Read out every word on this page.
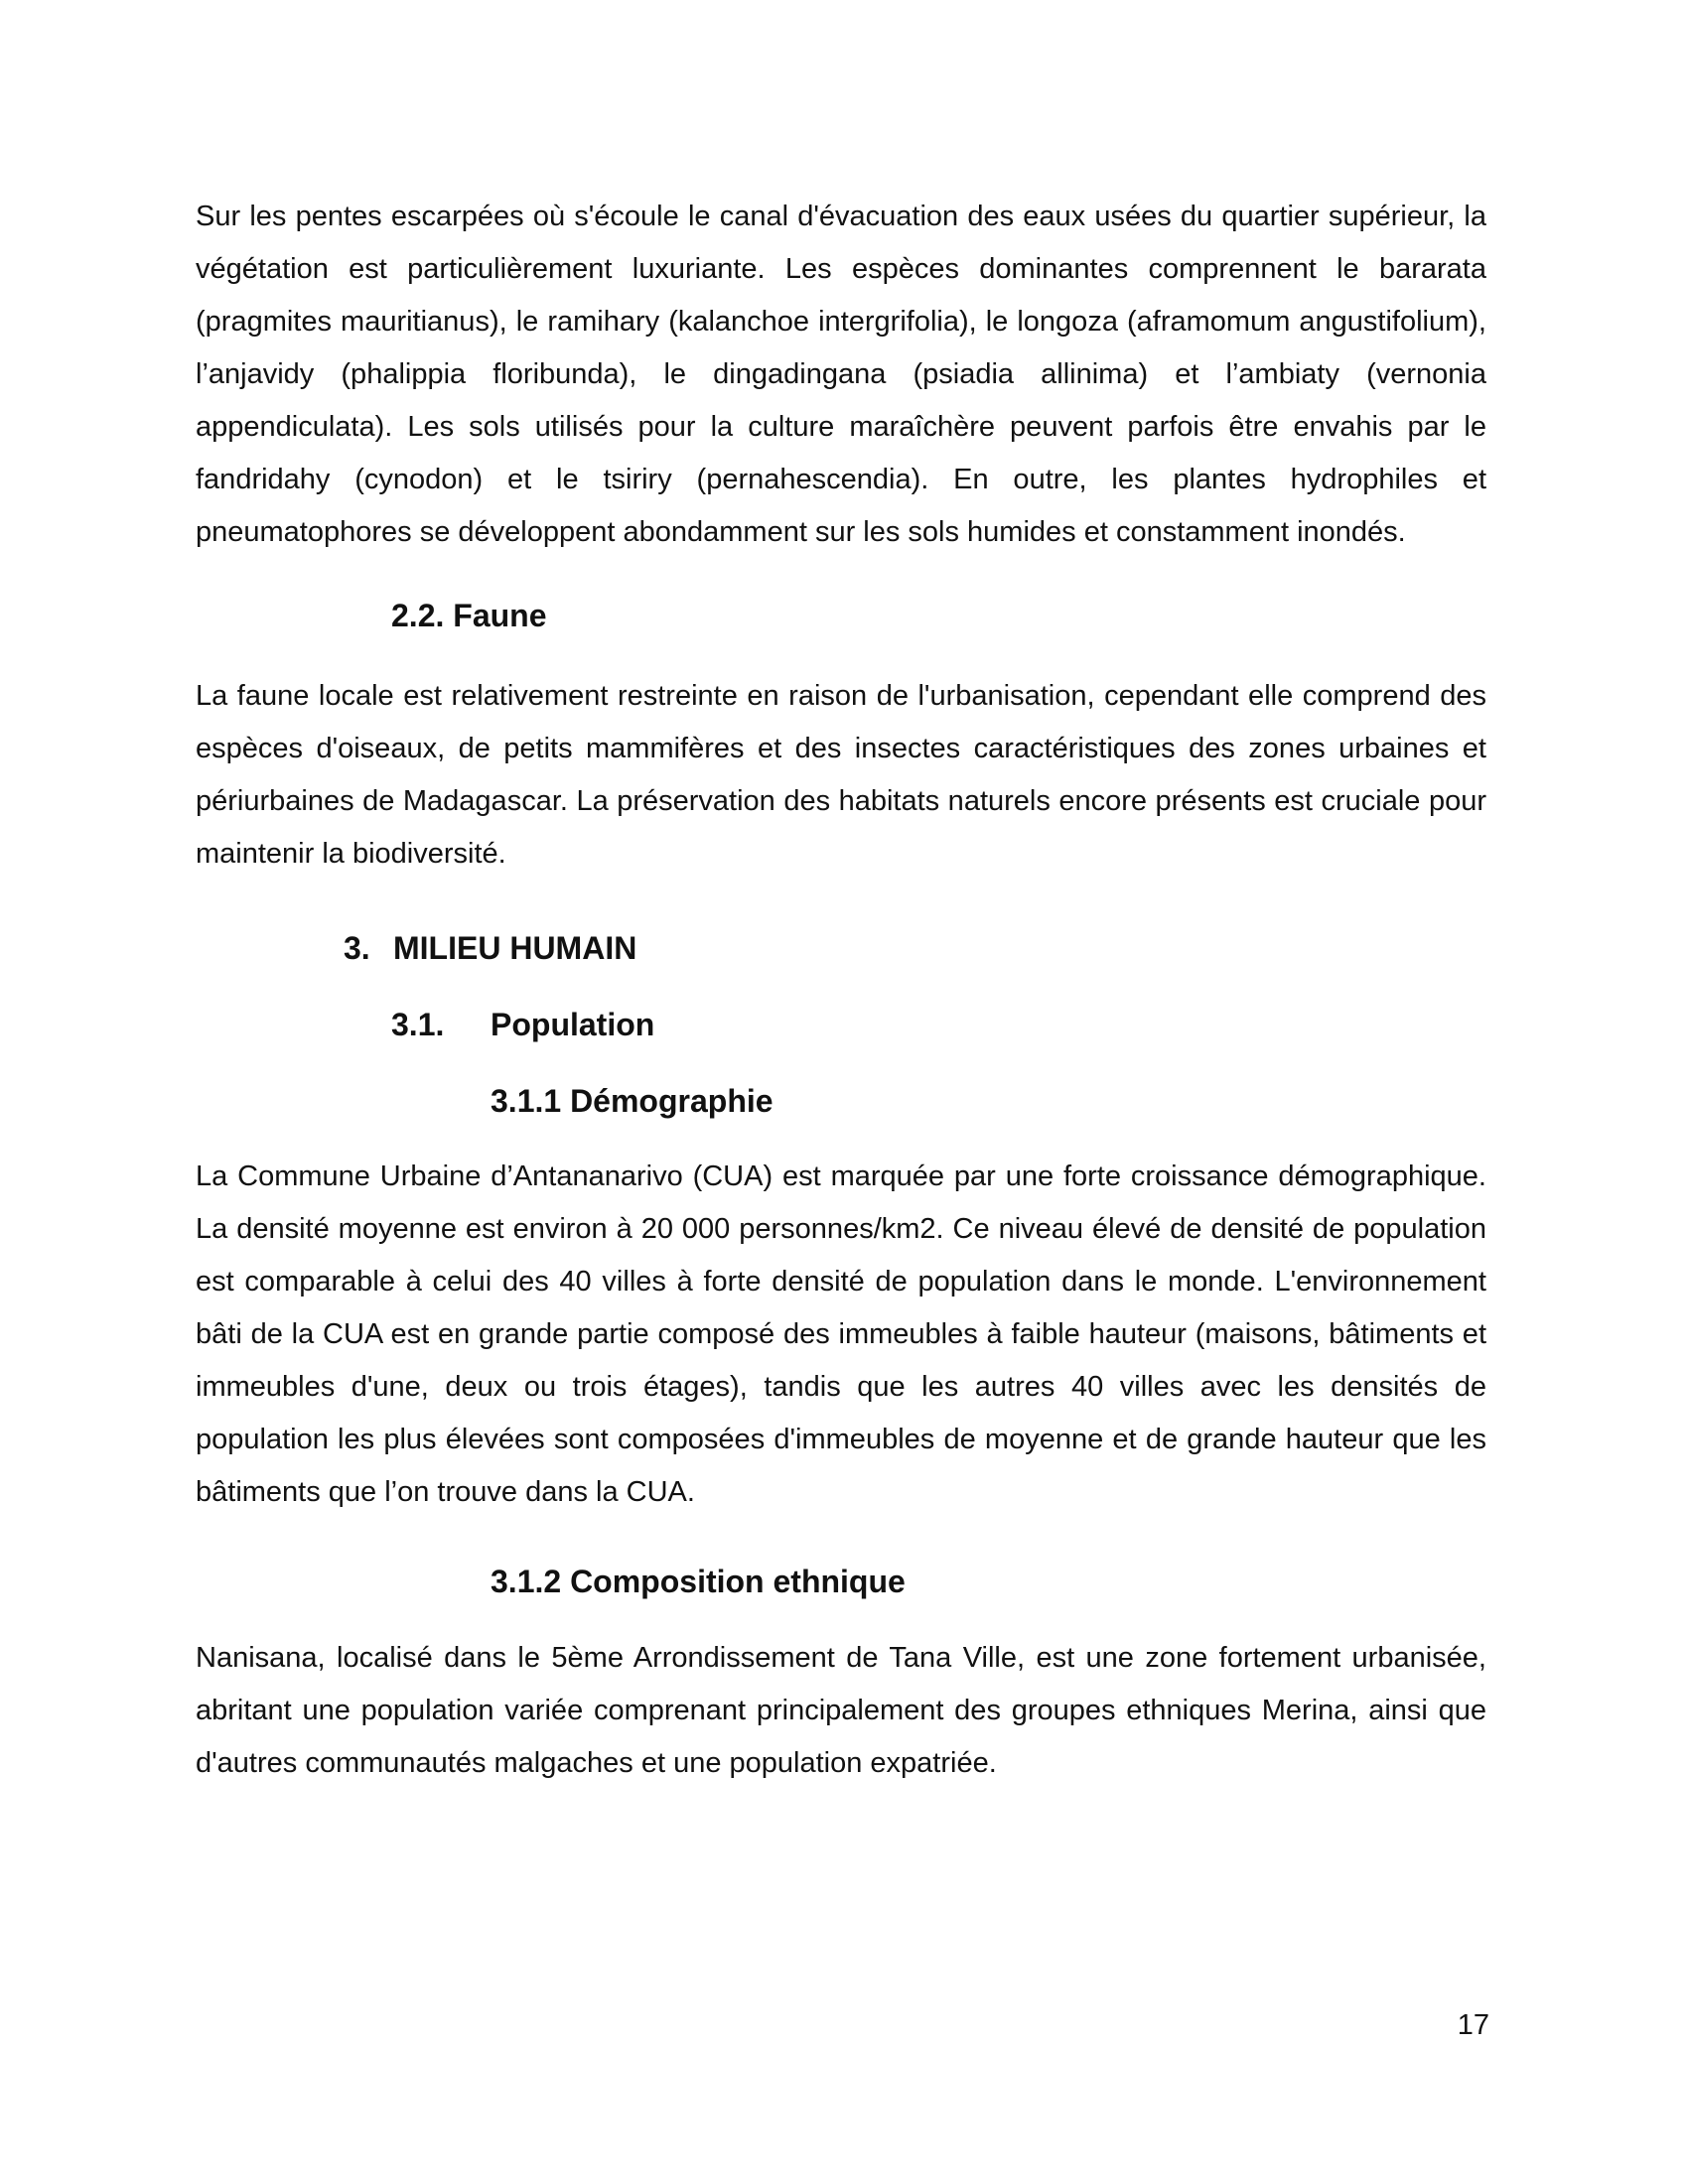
Sur les pentes escarpées où s'écoule le canal d'évacuation des eaux usées du quartier supérieur, la végétation est particulièrement luxuriante. Les espèces dominantes comprennent le bararata (pragmites mauritianus), le ramihary (kalanchoe intergrifolia), le longoza (aframomum angustifolium), l’anjavidy (phalippia floribunda), le dingadingana (psiadia allinima) et l’ambiaty (vernonia appendiculata). Les sols utilisés pour la culture maraîchère peuvent parfois être envahis par le fandridahy (cynodon) et le tsiriry (pernahescendia). En outre, les plantes hydrophiles et pneumatophores se développent abondamment sur les sols humides et constamment inondés.

2.2. Faune

La faune locale est relativement restreinte en raison de l'urbanisation, cependant elle comprend des espèces d'oiseaux, de petits mammifères et des insectes caractéristiques des zones urbaines et périurbaines de Madagascar. La préservation des habitats naturels encore présents est cruciale pour maintenir la biodiversité.

3. MILIEU HUMAIN
3.1. Population
3.1.1 Démographie

La Commune Urbaine d’Antananarivo (CUA) est marquée par une forte croissance démographique. La densité moyenne est environ à 20 000 personnes/km2. Ce niveau élevé de densité de population est comparable à celui des 40 villes à forte densité de population dans le monde. L'environnement bâti de la CUA est en grande partie composé des immeubles à faible hauteur (maisons, bâtiments et immeubles d'une, deux ou trois étages), tandis que les autres 40 villes avec les densités de population les plus élevées sont composées d'immeubles de moyenne et de grande hauteur que les bâtiments que l’on trouve dans la CUA.

3.1.2 Composition ethnique

Nanisana, localisé dans le 5ème Arrondissement de Tana Ville, est une zone fortement urbanisée, abritant une population variée comprenant principalement des groupes ethniques Merina, ainsi que d'autres communautés malgaches et une population expatriée.

17
